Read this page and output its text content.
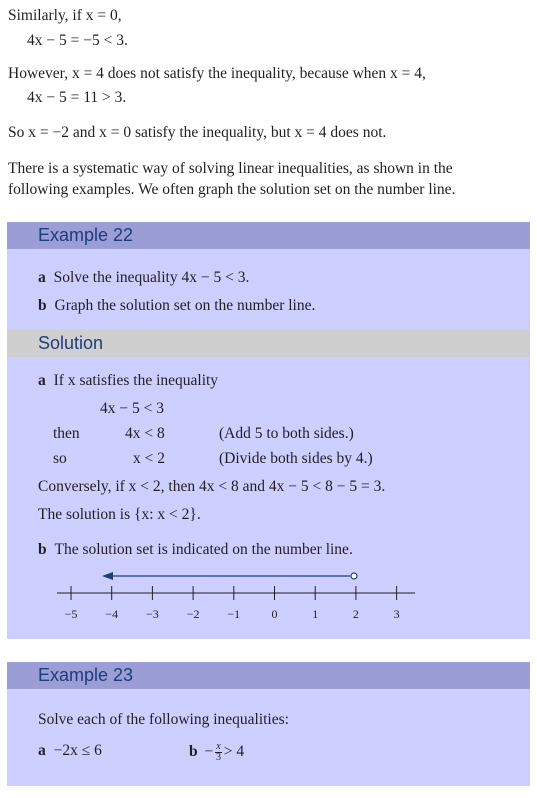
Similarly, if x = 0,
4x − 5 = −5 < 3.
However, x = 4 does not satisfy the inequality, because when x = 4,
4x − 5 = 11 > 3.
So x = −2 and x = 0 satisfy the inequality, but x = 4 does not.
There is a systematic way of solving linear inequalities, as shown in the
following examples. We often graph the solution set on the number line.
Example 22
a Solve the inequality 4x − 5 < 3.
b Graph the solution set on the number line.
Solution
a If x satisfies the inequality
4x − 5 < 3
then	4x < 8	(Add 5 to both sides.)
so	x < 2	(Divide both sides by 4.)
Conversely, if x < 2, then 4x < 8 and 4x − 5 < 8 − 5 = 3.
The solution is {x: x < 2}.
b The solution set is indicated on the number line.
−5 −4 −3 −2 −1	0	1	2	3
Example 23
Solve each of the following inequalities:
a −2x ≤ 6	$b - \frac{x}{3} > 4$
